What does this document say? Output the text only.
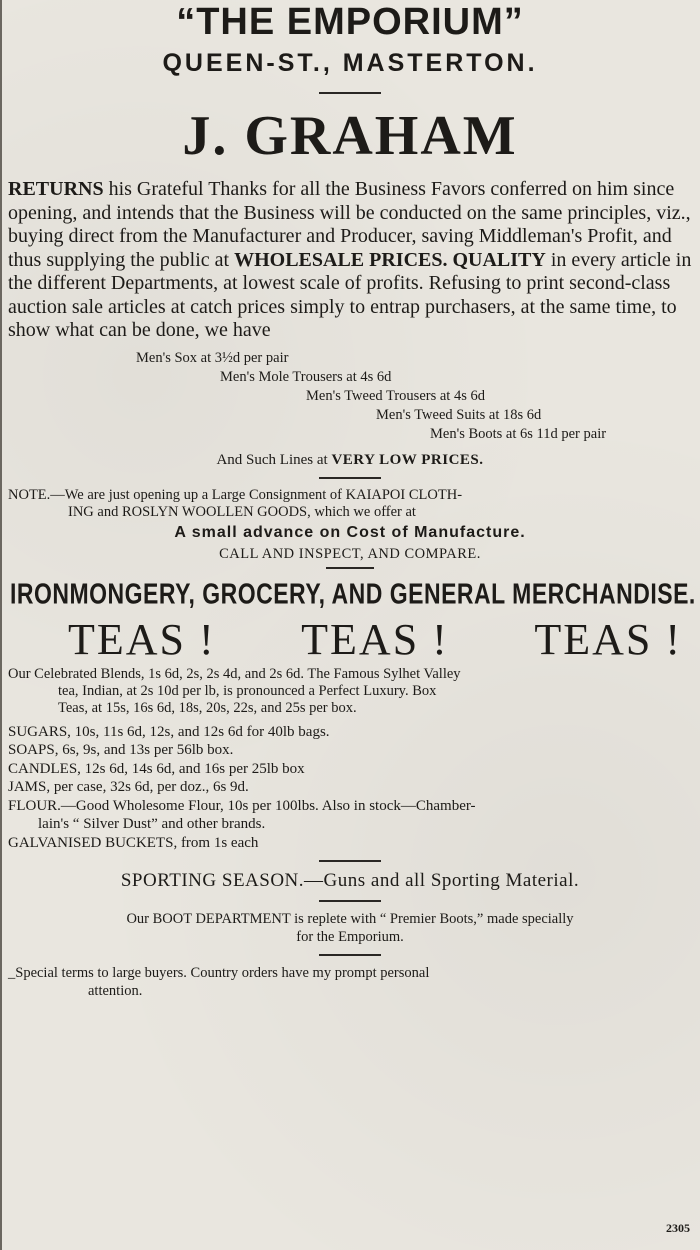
“THE EMPORIUM”
QUEEN-ST., MASTERTON.
J. GRAHAM
RETURNS his Grateful Thanks for all the Business Favors conferred on him since opening, and intends that the Business will be conducted on the same principles, viz., buying direct from the Manufacturer and Producer, saving Middleman's Profit, and thus supplying the public at WHOLESALE PRICES. QUALITY in every article in the different Departments, at lowest scale of profits. Refusing to print second-class auction sale articles at catch prices simply to entrap purchasers, at the same time, to show what can be done, we have
Men's Sox at 3½d per pair
Men's Mole Trousers at 4s 6d
Men's Tweed Trousers at 4s 6d
Men's Tweed Suits at 18s 6d
Men's Boots at 6s 11d per pair
And Such Lines at VERY LOW PRICES.
NOTE.—We are just opening up a Large Consignment of KAIAPOI CLOTH-
ING and ROSLYN WOOLLEN GOODS, which we offer at
A small advance on Cost of Manufacture.
CALL AND INSPECT, AND COMPARE.
IRONMONGERY, GROCERY, AND GENERAL MERCHANDISE.
TEAS ! TEAS ! TEAS !
Our Celebrated Blends, 1s 6d, 2s, 2s 4d, and 2s 6d. The Famous Sylhet Valley
tea, Indian, at 2s 10d per lb, is pronounced a Perfect Luxury. Box
Teas, at 15s, 16s 6d, 18s, 20s, 22s, and 25s per box.
SUGARS, 10s, 11s 6d, 12s, and 12s 6d for 40lb bags.
SOAPS, 6s, 9s, and 13s per 56lb box.
CANDLES, 12s 6d, 14s 6d, and 16s per 25lb box
JAMS, per case, 32s 6d, per doz., 6s 9d.
FLOUR.—Good Wholesome Flour, 10s per 100lbs. Also in stock—Chamber-
lain's “ Silver Dust” and other brands.
GALVANISED BUCKETS, from 1s each
SPORTING SEASON.—Guns and all Sporting Material.
Our BOOT DEPARTMENT is replete with “ Premier Boots,” made specially
for the Emporium.
_Special terms to large buyers. Country orders have my prompt personal
attention.
2305
